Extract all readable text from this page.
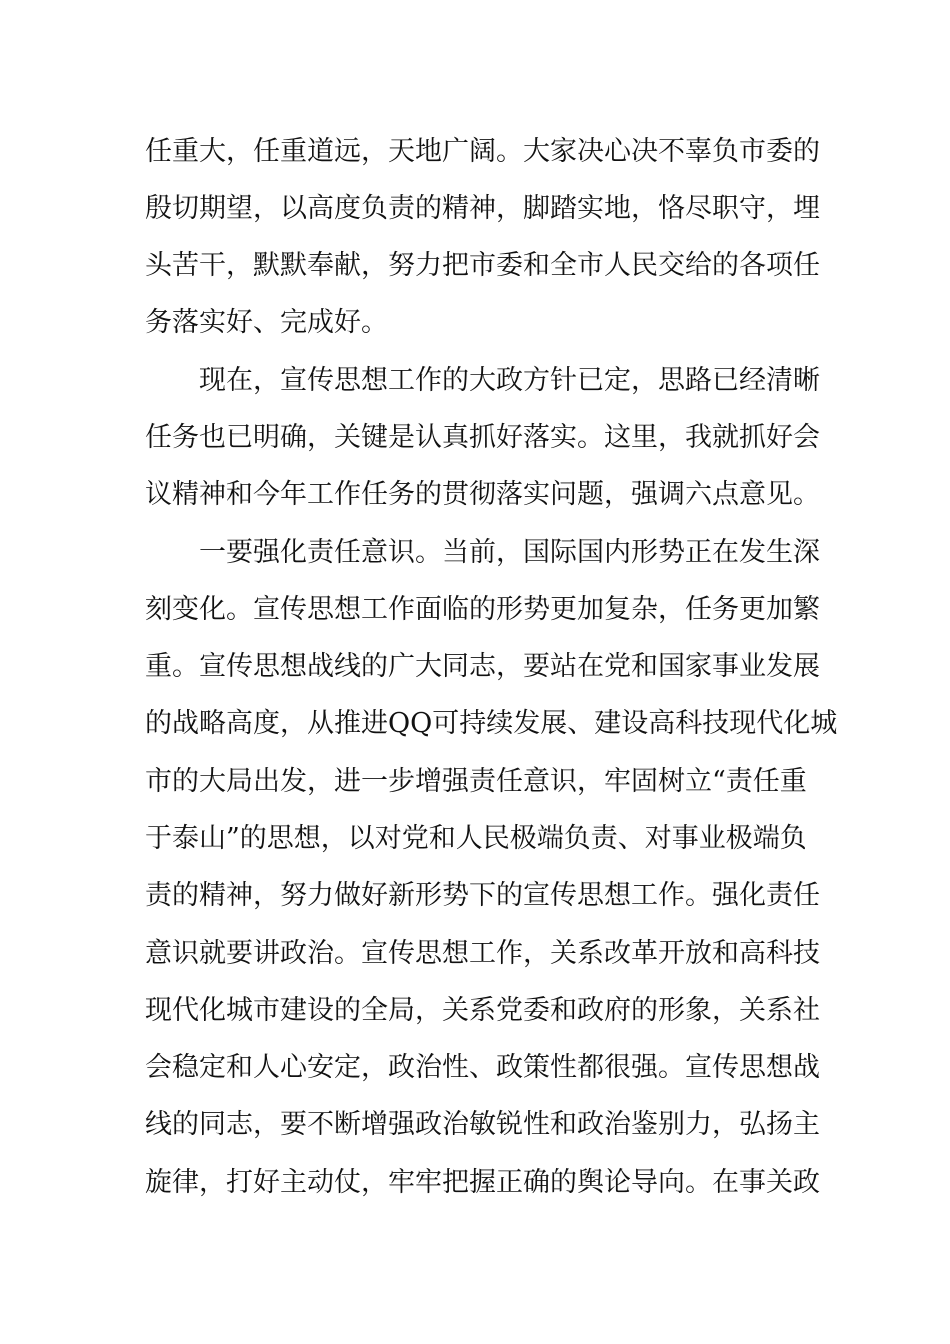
任重大，任重道远，天地广阔。大家决心决不辜负市委的
殷切期望，以高度负责的精神，脚踏实地，恪尽职守，埋
头苦干，默默奉献，努力把市委和全市人民交给的各项任
务落实好、完成好。
现在，宣传思想工作的大政方针已定，思路已经清晰
任务也已明确，关键是认真抓好落实。这里，我就抓好会
议精神和今年工作任务的贯彻落实问题，强调六点意见。
一要强化责任意识。当前，国际国内形势正在发生深
刻变化。宣传思想工作面临的形势更加复杂，任务更加繁
重。宣传思想战线的广大同志，要站在党和国家事业发展
的战略高度，从推进QQ可持续发展、建设高科技现代化城
市的大局出发，进一步增强责任意识，牢固树立“责任重
于泰山”的思想，以对党和人民极端负责、对事业极端负
责的精神，努力做好新形势下的宣传思想工作。强化责任
意识就要讲政治。宣传思想工作，关系改革开放和高科技
现代化城市建设的全局，关系党委和政府的形象，关系社
会稳定和人心安定，政治性、政策性都很强。宣传思想战
线的同志，要不断增强政治敏锐性和政治鉴别力，弘扬主
旋律，打好主动仗，牢牢把握正确的舆论导向。在事关政
